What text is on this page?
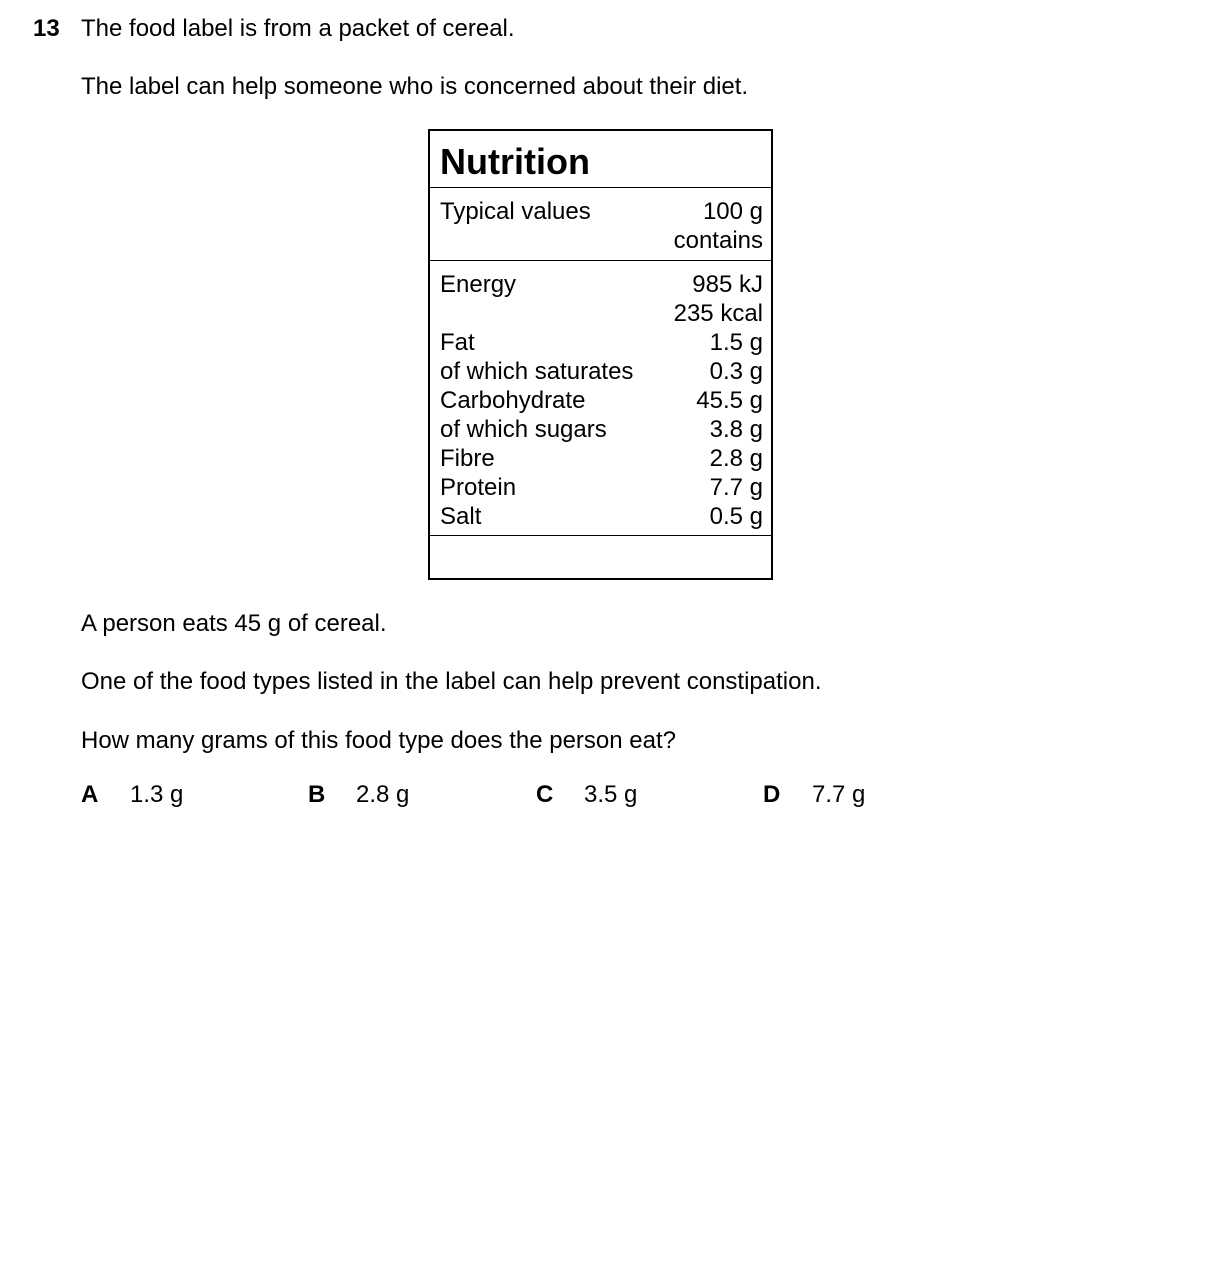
13 The food label is from a packet of cereal.
The label can help someone who is concerned about their diet.
Nutrition
Typical values	100 g
contains
Energy	985 kJ
235 kcal
Fat	1.5 g
of which saturates	0.3 g
Carbohydrate	45.5 g
of which sugars	3.8 g
Fibre	2.8 g
Protein	7.7 g
Salt	0.5 g
A person eats 45 g of cereal.
One of the food types listed in the label can help prevent constipation.
How many grams of this food type does the person eat?
A 1.3 g	B 2.8 g	C 3.5 g	D 7.7 g
